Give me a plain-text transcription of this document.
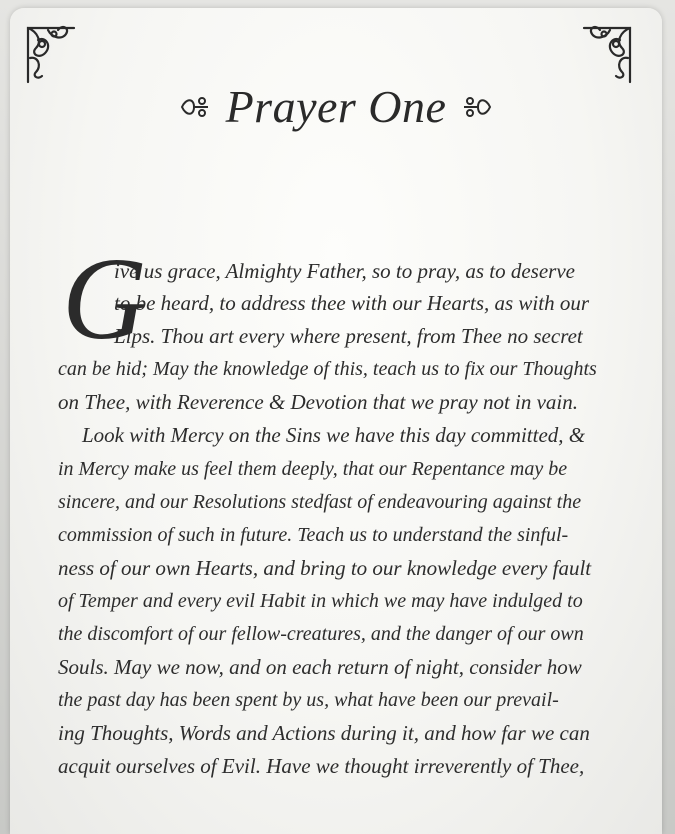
Prayer One
G
ive us grace, Almighty Father, so to pray, as to deserve
to be heard, to address thee with our Hearts, as with our
Lips. Thou art every where present, from Thee no secret
can be hid; May the knowledge of this, teach us to fix our Thoughts
on Thee, with Reverence & Devotion that we pray not in vain.
Look with Mercy on the Sins we have this day committed, &
in Mercy make us feel them deeply, that our Repentance may be
sincere, and our Resolutions stedfast of endeavouring against the
commission of such in future. Teach us to understand the sinful-
ness of our own Hearts, and bring to our knowledge every fault
of Temper and every evil Habit in which we may have indulged to
the discomfort of our fellow-creatures, and the danger of our own
Souls. May we now, and on each return of night, consider how
the past day has been spent by us, what have been our prevail-
ing Thoughts, Words and Actions during it, and how far we can
acquit ourselves of Evil. Have we thought irreverently of Thee,
